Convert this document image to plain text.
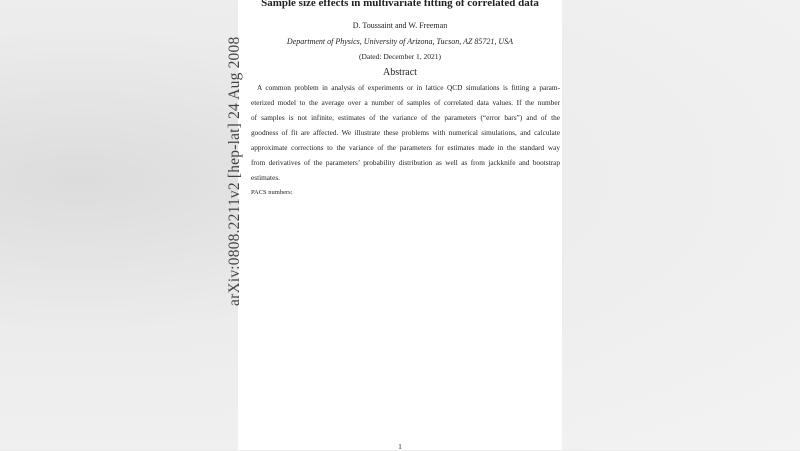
Sample size effects in multivariate fitting of correlated data
D. Toussaint and W. Freeman
Department of Physics, University of Arizona, Tucson, AZ 85721, USA
(Dated: December 1, 2021)
Abstract
A common problem in analysis of experiments or in lattice QCD simulations is fitting a param-
eterized model to the average over a number of samples of correlated data values. If the number
of samples is not infinite, estimates of the variance of the parameters (“error bars”) and of the
goodness of fit are affected. We illustrate these problems with numerical simulations, and calculate
approximate corrections to the variance of the parameters for estimates made in the standard way
from derivatives of the parameters’ probability distribution as well as from jackknife and bootstrap
estimates.
PACS numbers:
1
arXiv:0808.2211v2 [hep-lat] 24 Aug 2008
